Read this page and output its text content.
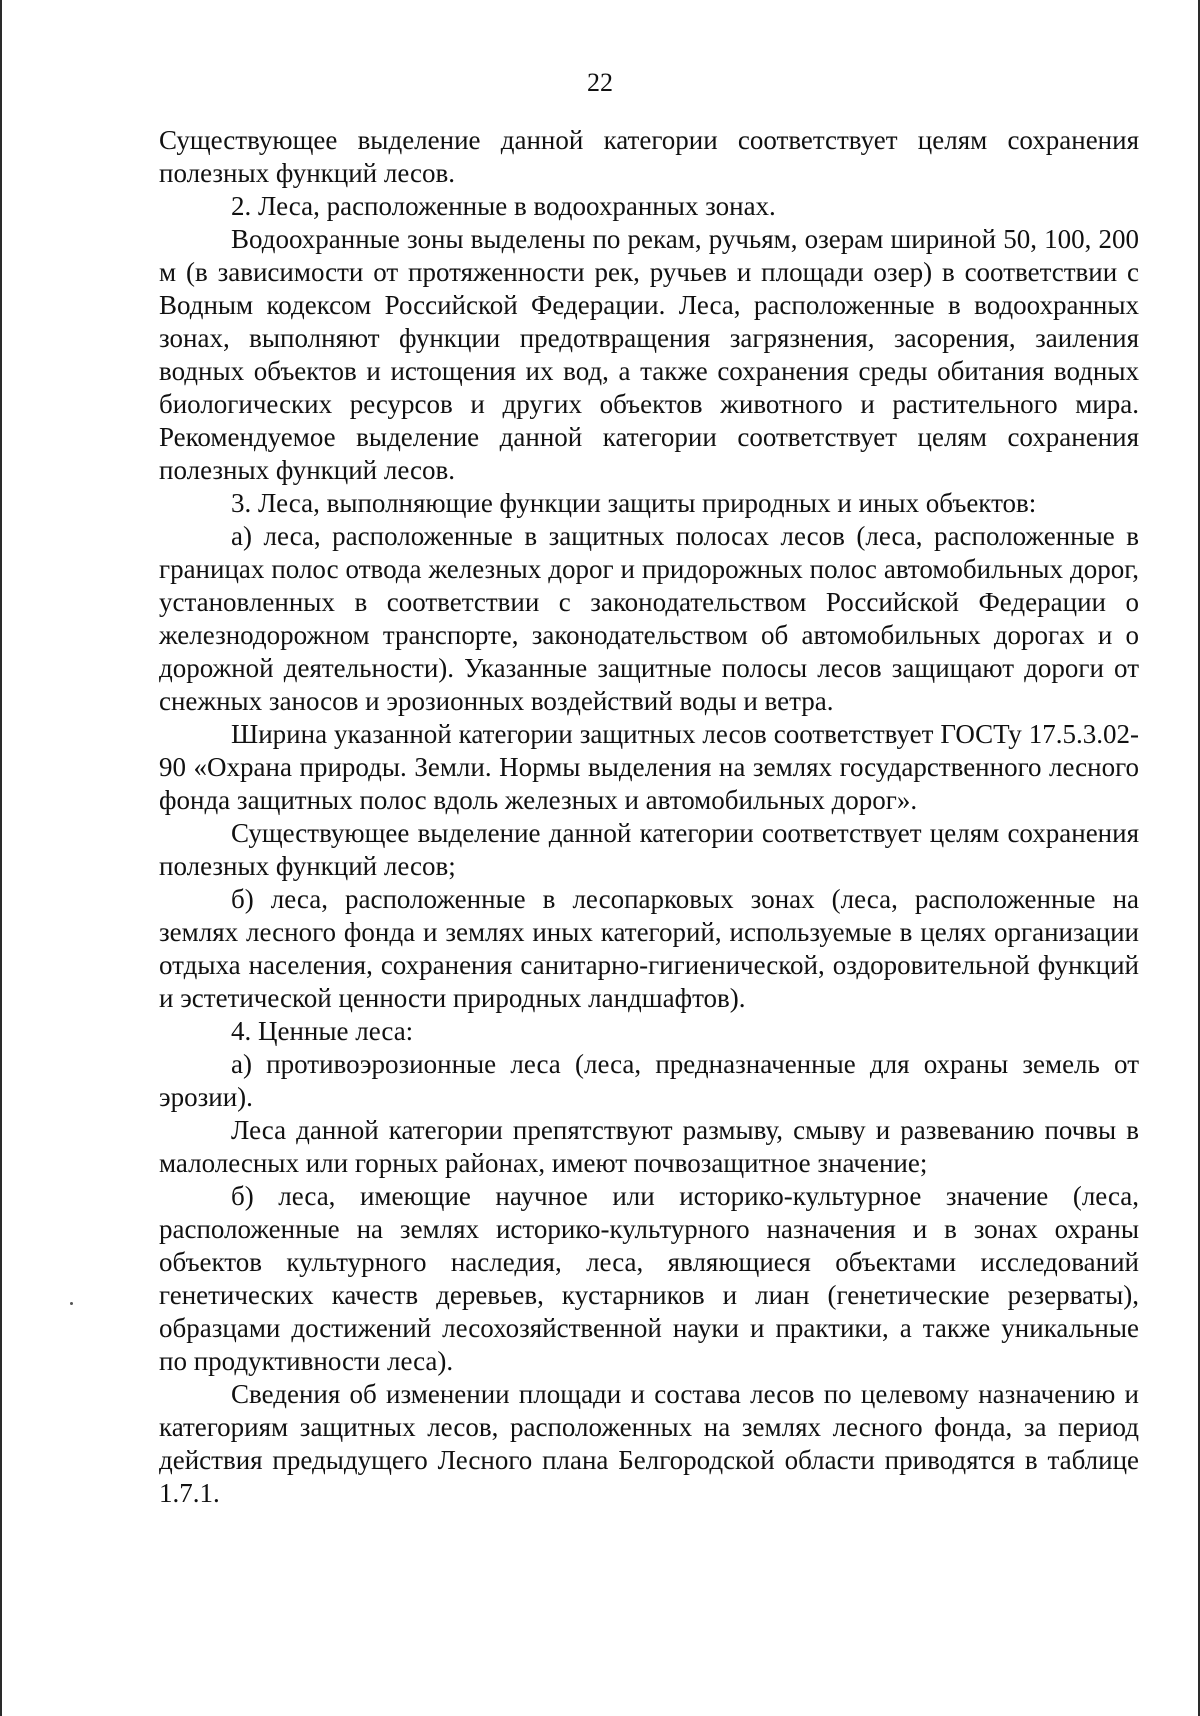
22

Существующее выделение данной категории соответствует целям сохранения полезных функций лесов.

2. Леса, расположенные в водоохранных зонах.

Водоохранные зоны выделены по рекам, ручьям, озерам шириной 50, 100, 200 м (в зависимости от протяженности рек, ручьев и площади озер) в соответствии с Водным кодексом Российской Федерации. Леса, расположенные в водоохранных зонах, выполняют функции предотвращения загрязнения, засорения, заиления водных объектов и истощения их вод, а также сохранения среды обитания водных биологических ресурсов и других объектов животного и растительного мира. Рекомендуемое выделение данной категории соответствует целям сохранения полезных функций лесов.

3. Леса, выполняющие функции защиты природных и иных объектов:

а) леса, расположенные в защитных полосах лесов (леса, расположенные в границах полос отвода железных дорог и придорожных полос автомобильных дорог, установленных в соответствии с законодательством Российской Федерации о железнодорожном транспорте, законодательством об автомобильных дорогах и о дорожной деятельности). Указанные защитные полосы лесов защищают дороги от снежных заносов и эрозионных воздействий воды и ветра.

Ширина указанной категории защитных лесов соответствует ГОСТу 17.5.3.02-90 «Охрана природы. Земли. Нормы выделения на землях государственного лесного фонда защитных полос вдоль железных и автомобильных дорог».

Существующее выделение данной категории соответствует целям сохранения полезных функций лесов;

б) леса, расположенные в лесопарковых зонах (леса, расположенные на землях лесного фонда и землях иных категорий, используемые в целях организации отдыха населения, сохранения санитарно-гигиенической, оздоровительной функций и эстетической ценности природных ландшафтов).

4. Ценные леса:

а) противоэрозионные леса (леса, предназначенные для охраны земель от эрозии).

Леса данной категории препятствуют размыву, смыву и развеванию почвы в малолесных или горных районах, имеют почвозащитное значение;

б) леса, имеющие научное или историко-культурное значение (леса, расположенные на землях историко-культурного назначения и в зонах охраны объектов культурного наследия, леса, являющиеся объектами исследований генетических качеств деревьев, кустарников и лиан (генетические резерваты), образцами достижений лесохозяйственной науки и практики, а также уникальные по продуктивности леса).

Сведения об изменении площади и состава лесов по целевому назначению и категориям защитных лесов, расположенных на землях лесного фонда, за период действия предыдущего Лесного плана Белгородской области приводятся в таблице 1.7.1.
